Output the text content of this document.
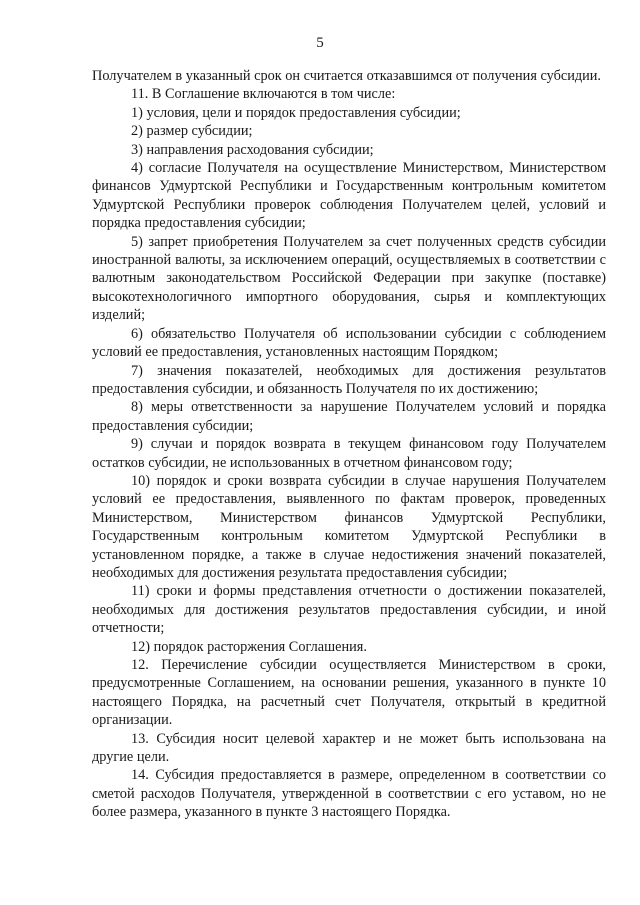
5

Получателем в указанный срок он считается отказавшимся от получения субсидии.

11. В Соглашение включаются в том числе:

1) условия, цели и порядок предоставления субсидии;

2) размер субсидии;

3) направления расходования субсидии;

4) согласие Получателя на осуществление Министерством, Министерством финансов Удмуртской Республики и Государственным контрольным комитетом Удмуртской Республики проверок соблюдения Получателем целей, условий и порядка предоставления субсидии;

5) запрет приобретения Получателем за счет полученных средств субсидии иностранной валюты, за исключением операций, осуществляемых в соответствии с валютным законодательством Российской Федерации при закупке (поставке) высокотехнологичного импортного оборудования, сырья и комплектующих изделий;

6) обязательство Получателя об использовании субсидии с соблюдением условий ее предоставления, установленных настоящим Порядком;

7) значения показателей, необходимых для достижения результатов предоставления субсидии, и обязанность Получателя по их достижению;

8) меры ответственности за нарушение Получателем условий и порядка предоставления субсидии;

9) случаи и порядок возврата в текущем финансовом году Получателем остатков субсидии, не использованных в отчетном финансовом году;

10) порядок и сроки возврата субсидии в случае нарушения Получателем условий ее предоставления, выявленного по фактам проверок, проведенных Министерством, Министерством финансов Удмуртской Республики, Государственным контрольным комитетом Удмуртской Республики в установленном порядке, а также в случае недостижения значений показателей, необходимых для достижения результата предоставления субсидии;

11) сроки и формы представления отчетности о достижении показателей, необходимых для достижения результатов предоставления субсидии, и иной отчетности;

12) порядок расторжения Соглашения.

12. Перечисление субсидии осуществляется Министерством в сроки, предусмотренные Соглашением, на основании решения, указанного в пункте 10 настоящего Порядка, на расчетный счет Получателя, открытый в кредитной организации.

13. Субсидия носит целевой характер и не может быть использована на другие цели.

14. Субсидия предоставляется в размере, определенном в соответствии со сметой расходов Получателя, утвержденной в соответствии с его уставом, но не более размера, указанного в пункте 3 настоящего Порядка.
